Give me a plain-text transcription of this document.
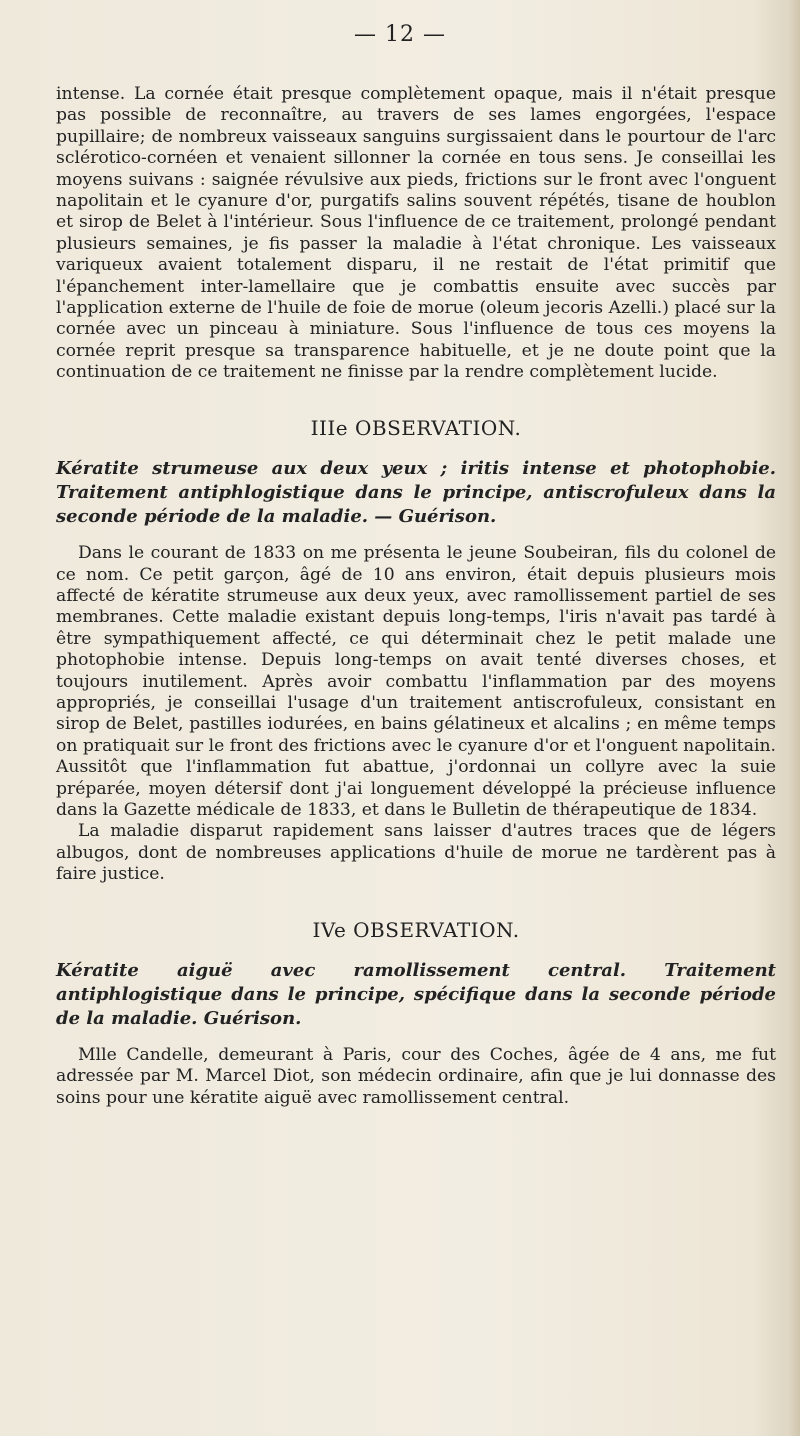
— 12 —

intense. La cornée était presque complètement opaque, mais il n'était presque pas possible de reconnaître, au travers de ses lames engorgées, l'espace pupillaire; de nombreux vaisseaux sanguins surgissaient dans le pourtour de l'arc sclérotico-cornéen et venaient sillonner la cornée en tous sens. Je conseillai les moyens suivans : saignée révulsive aux pieds, frictions sur le front avec l'onguent napolitain et le cyanure d'or, purgatifs salins souvent répétés, tisane de houblon et sirop de Belet à l'intérieur. Sous l'influence de ce traitement, prolongé pendant plusieurs semaines, je fis passer la maladie à l'état chronique. Les vaisseaux variqueux avaient totalement disparu, il ne restait de l'état primitif que l'épanchement inter-lamellaire que je combattis ensuite avec succès par l'application externe de l'huile de foie de morue (oleum jecoris Azelli.) placé sur la cornée avec un pinceau à miniature. Sous l'influence de tous ces moyens la cornée reprit presque sa transparence habituelle, et je ne doute point que la continuation de ce traitement ne finisse par la rendre complètement lucide.

IIIe OBSERVATION.

Kératite strumeuse aux deux yeux ; iritis intense et photophobie. Traitement antiphlogistique dans le principe, antiscrofuleux dans la seconde période de la maladie. — Guérison.

Dans le courant de 1833 on me présenta le jeune Soubeiran, fils du colonel de ce nom. Ce petit garçon, âgé de 10 ans environ, était depuis plusieurs mois affecté de kératite strumeuse aux deux yeux, avec ramollissement partiel de ses membranes. Cette maladie existant depuis long-temps, l'iris n'avait pas tardé à être sympathiquement affecté, ce qui déterminait chez le petit malade une photophobie intense. Depuis long-temps on avait tenté diverses choses, et toujours inutilement. Après avoir combattu l'inflammation par des moyens appropriés, je conseillai l'usage d'un traitement antiscrofuleux, consistant en sirop de Belet, pastilles iodurées, en bains gélatineux et alcalins ; en même temps on pratiquait sur le front des frictions avec le cyanure d'or et l'onguent napolitain. Aussitôt que l'inflammation fut abattue, j'ordonnai un collyre avec la suie préparée, moyen détersif dont j'ai longuement développé la précieuse influence dans la Gazette médicale de 1833, et dans le Bulletin de thérapeutique de 1834.

La maladie disparut rapidement sans laisser d'autres traces que de légers albugos, dont de nombreuses applications d'huile de morue ne tardèrent pas à faire justice.

IVe OBSERVATION.

Kératite aiguë avec ramollissement central. Traitement antiphlogistique dans le principe, spécifique dans la seconde période de la maladie. Guérison.

Mlle Candelle, demeurant à Paris, cour des Coches, âgée de 4 ans, me fut adressée par M. Marcel Diot, son médecin ordinaire, afin que je lui donnasse des soins pour une kératite aiguë avec ramollissement central.
